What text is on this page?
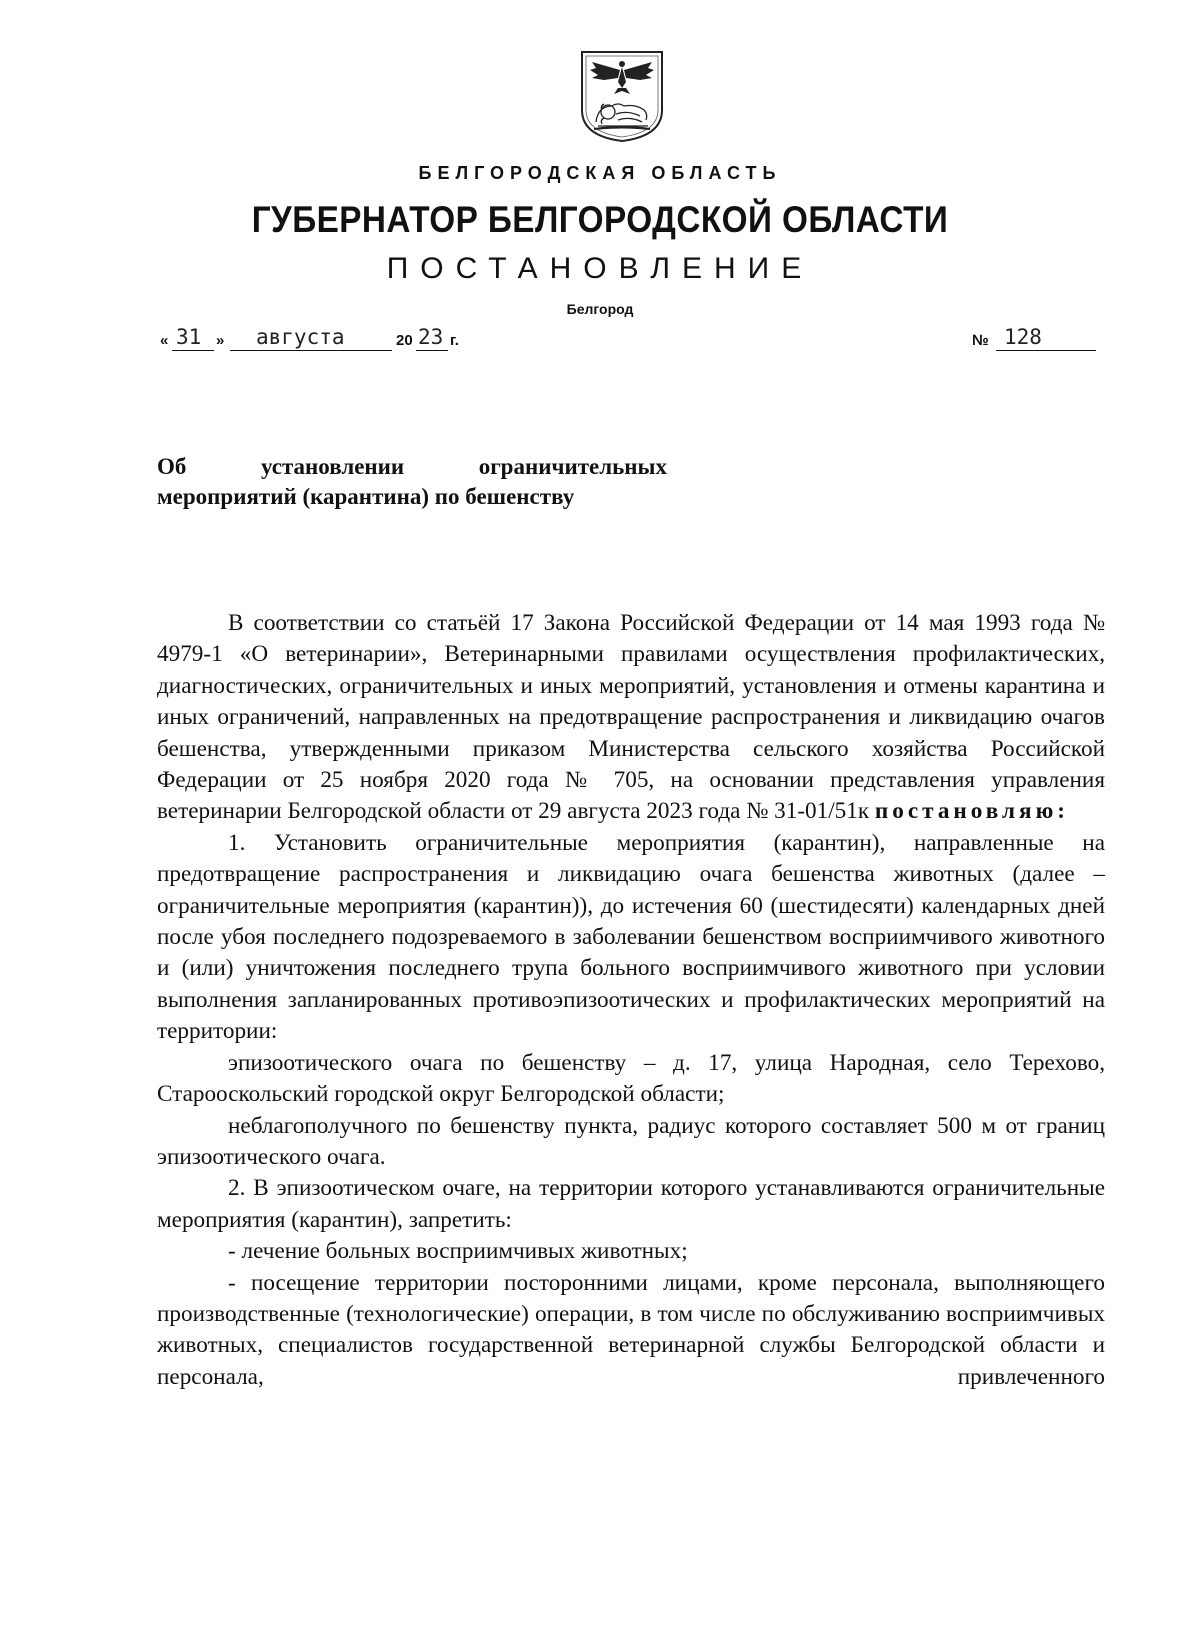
БЕЛГОРОДСКАЯ ОБЛАСТЬ
ГУБЕРНАТОР БЕЛГОРОДСКОЙ ОБЛАСТИ
ПОСТАНОВЛЕНИЕ
Белгород
« 31 » августа	20 23 г.	№ 128
Об	установлении	ограничительных
мероприятий (карантина) по бешенству

В соответствии со статьёй 17 Закона Российской Федерации от 14 мая 1993 года № 4979-1 «О ветеринарии», Ветеринарными правилами осуществления профилактических, диагностических, ограничительных и иных мероприятий, установления и отмены карантина и иных ограничений, направленных на предотвращение распространения и ликвидацию очагов бешенства, утвержденными приказом Министерства сельского хозяйства Российской Федерации от 25 ноября 2020 года № 705, на основании представления управления ветеринарии Белгородской области от 29 августа 2023 года № 31-01/51к постановляю:

1. Установить ограничительные мероприятия (карантин), направленные на предотвращение распространения и ликвидацию очага бешенства животных (далее – ограничительные мероприятия (карантин)), до истечения 60 (шестидесяти) календарных дней после убоя последнего подозреваемого в заболевании бешенством восприимчивого животного и (или) уничтожения последнего трупа больного восприимчивого животного при условии выполнения запланированных противоэпизоотических и профилактических мероприятий на территории:

эпизоотического очага по бешенству – д. 17, улица Народная, село Терехово, Старооскольский городской округ Белгородской области;

неблагополучного по бешенству пункта, радиус которого составляет 500 м от границ эпизоотического очага.

2. В эпизоотическом очаге, на территории которого устанавливаются ограничительные мероприятия (карантин), запретить:

- лечение больных восприимчивых животных;

- посещение территории посторонними лицами, кроме персонала, выполняющего производственные (технологические) операции, в том числе по обслуживанию восприимчивых животных, специалистов государственной ветеринарной службы Белгородской области и персонала, привлеченного
